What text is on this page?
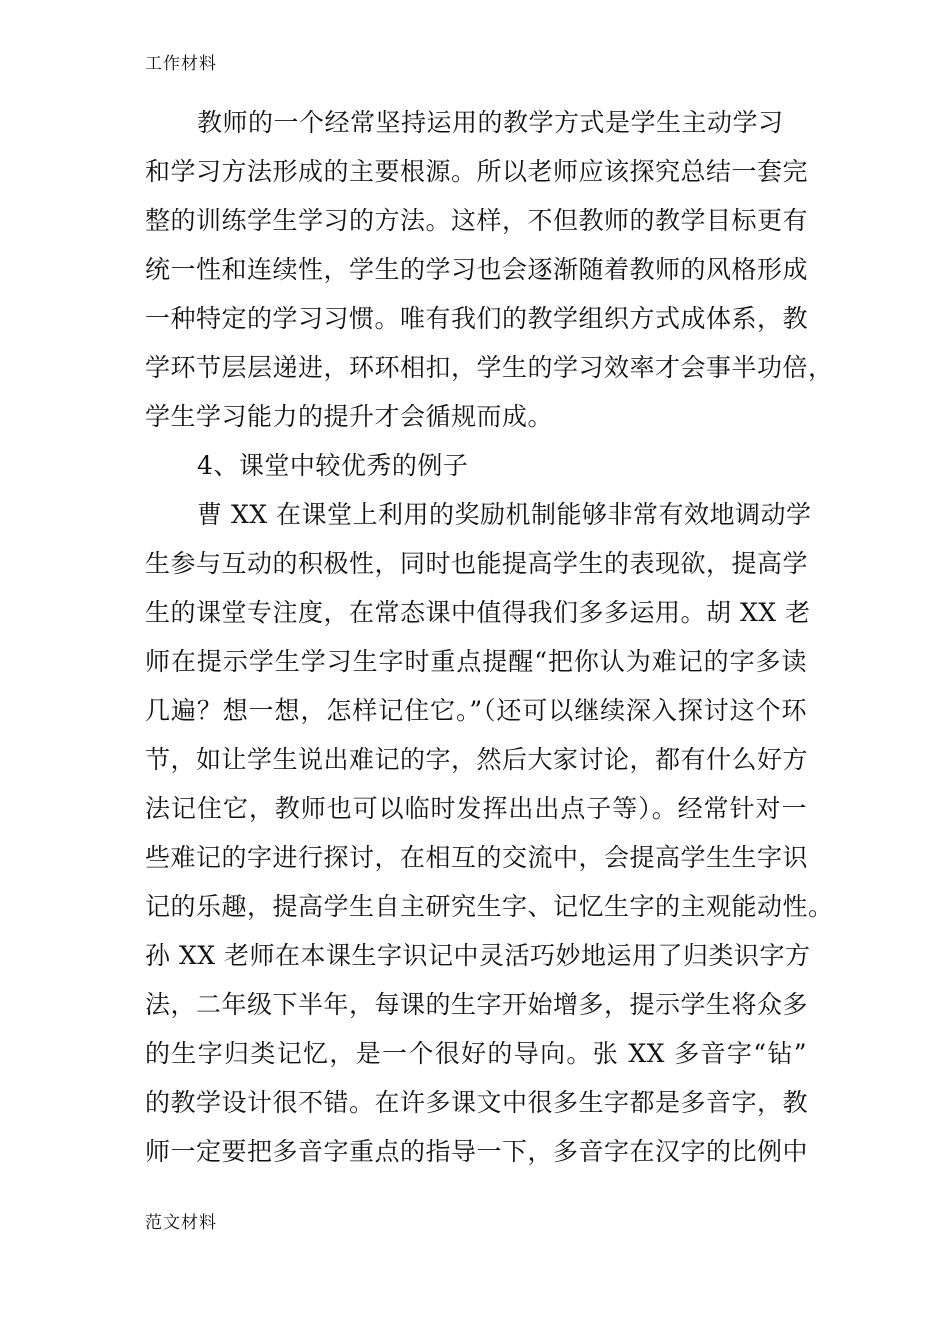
工作材料
教师的一个经常坚持运用的教学方式是学生主动学习
和学习方法形成的主要根源。所以老师应该探究总结一套完
整的训练学生学习的方法。这样，不但教师的教学目标更有
统一性和连续性，学生的学习也会逐渐随着教师的风格形成
一种特定的学习习惯。唯有我们的教学组织方式成体系，教
学环节层层递进，环环相扣，学生的学习效率才会事半功倍，
学生学习能力的提升才会循规而成。
4、课堂中较优秀的例子
曹 XX 在课堂上利用的奖励机制能够非常有效地调动学
生参与互动的积极性，同时也能提高学生的表现欲，提高学
生的课堂专注度，在常态课中值得我们多多运用。胡 XX 老
师在提示学生学习生字时重点提醒“把你认为难记的字多读
几遍？想一想，怎样记住它。”（还可以继续深入探讨这个环
节，如让学生说出难记的字，然后大家讨论，都有什么好方
法记住它，教师也可以临时发挥出出点子等）。经常针对一
些难记的字进行探讨，在相互的交流中，会提高学生生字识
记的乐趣，提高学生自主研究生字、记忆生字的主观能动性。
孙 XX 老师在本课生字识记中灵活巧妙地运用了归类识字方
法，二年级下半年，每课的生字开始增多，提示学生将众多
的生字归类记忆，是一个很好的导向。张 XX 多音字“钻”
的教学设计很不错。在许多课文中很多生字都是多音字，教
师一定要把多音字重点的指导一下，多音字在汉字的比例中
范文材料
